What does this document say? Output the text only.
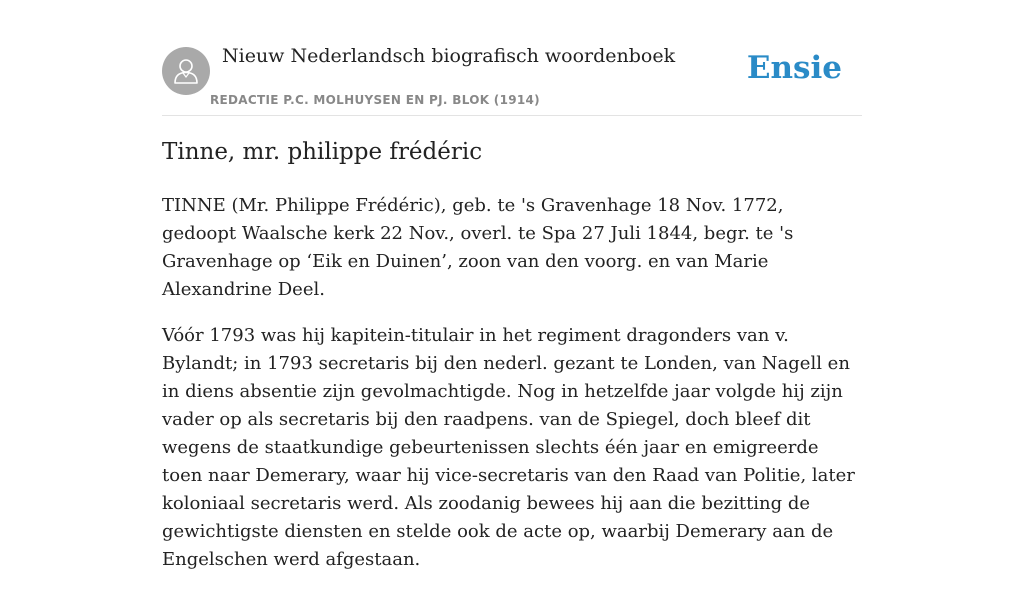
Nieuw Nederlandsch biografisch woordenboek
REDACTIE P.C. MOLHUYSEN EN PJ. BLOK (1914)
Ensie
Tinne, mr. philippe frédéric

TINNE (Mr. Philippe Frédéric), geb. te 's Gravenhage 18 Nov. 1772, gedoopt Waalsche kerk 22 Nov., overl. te Spa 27 Juli 1844, begr. te 's Gravenhage op ‘Eik en Duinen’, zoon van den voorg. en van Marie Alexandrine Deel.

Vóór 1793 was hij kapitein-titulair in het regiment dragonders van v. Bylandt; in 1793 secretaris bij den nederl. gezant te Londen, van Nagell en in diens absentie zijn gevolmachtigde. Nog in hetzelfde jaar volgde hij zijn vader op als secretaris bij den raadpens. van de Spiegel, doch bleef dit wegens de staatkundige gebeurtenissen slechts één jaar en emigreerde toen naar Demerary, waar hij vice-secretaris van den Raad van Politie, later koloniaal secretaris werd. Als zoodanig bewees hij aan die bezitting de gewichtigste diensten en stelde ook de acte op, waarbij Demerary aan de Engelschen werd afgestaan.
